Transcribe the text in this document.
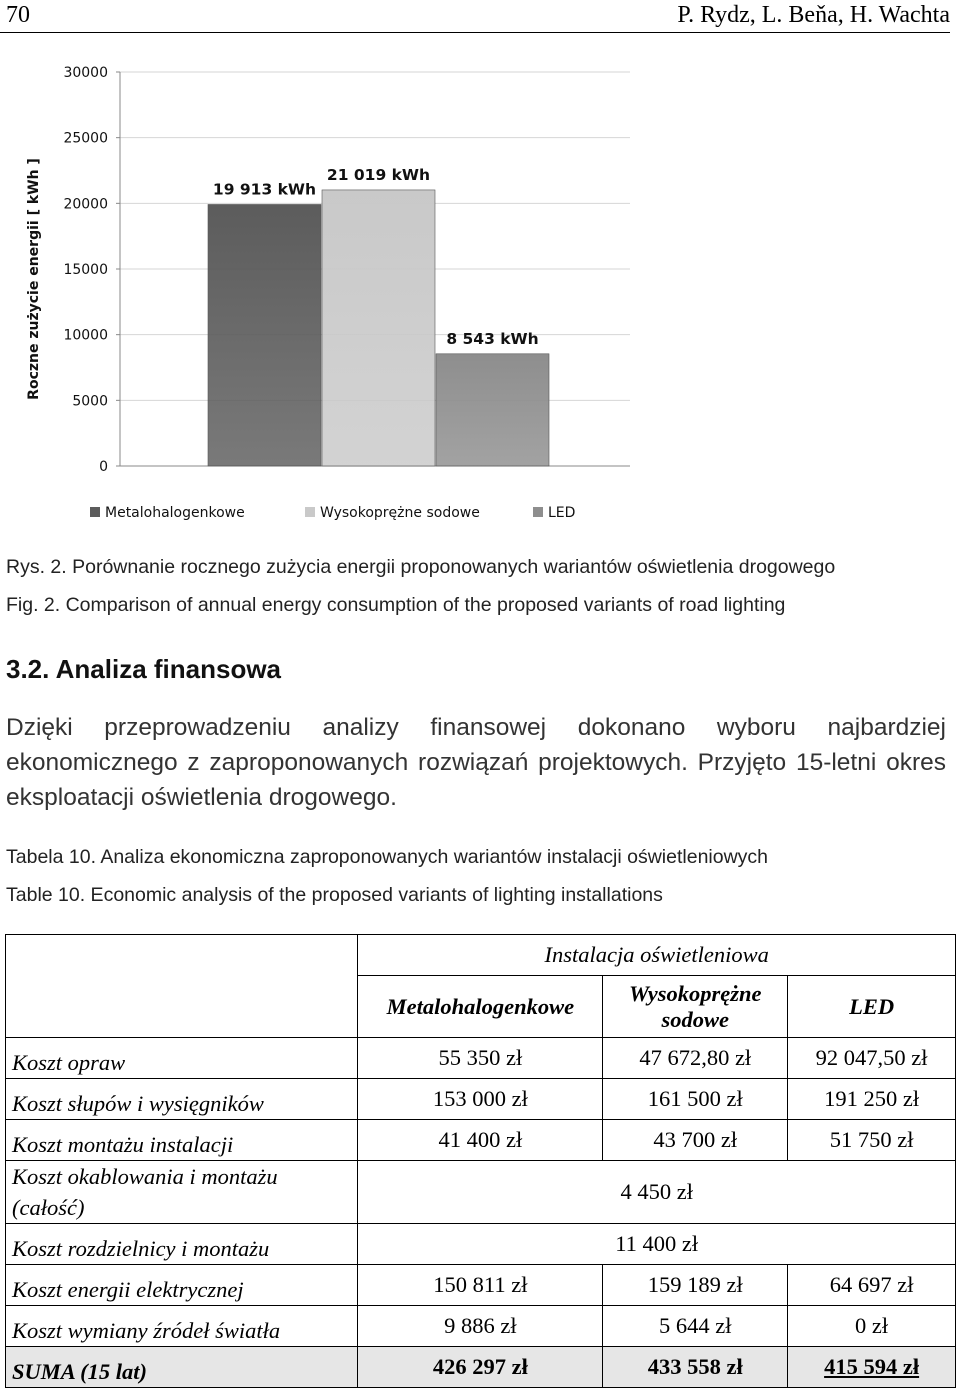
70	P. Rydz, L. Beňa, H. Wachta
0
5000
10000
15000
20000
25000
30000
Roczne zużycie energii [ kWh ]	19 913 kWh
21 019 kWh
8 543 kWh
Metalohalogenkowe	Wysokoprężne sodowe	LED
Rys. 2. Porównanie rocznego zużycia energii proponowanych wariantów oświetlenia drogowego
Fig. 2. Comparison of annual energy consumption of the proposed variants of road lighting
3.2. Analiza finansowa
Dzięki przeprowadzeniu analizy finansowej dokonano wyboru najbardziej ekonomicznego z zaproponowanych rozwiązań projektowych. Przyjęto 15-letni okres eksploatacji oświetlenia drogowego.
Tabela 10. Analiza ekonomiczna zaproponowanych wariantów instalacji oświetleniowych
Table 10. Economic analysis of the proposed variants of lighting installations
	Instalacja oświetleniowa		
	Metalohalogenkowe	Wysokoprężne sodowe	LED
Koszt opraw	55 350 zł	47 672,80 zł	92 047,50 zł
Koszt słupów i wysięgników	153 000 zł	161 500 zł	191 250 zł
Koszt montażu instalacji	41 400 zł	43 700 zł	51 750 zł
Koszt okablowania i montażu (całość)	4 450 zł		
Koszt rozdzielnicy i montażu	11 400 zł		
Koszt energii elektrycznej	150 811 zł	159 189 zł	64 697 zł
Koszt wymiany źródeł światła	9 886 zł	5 644 zł	0 zł
SUMA (15 lat)	426 297 zł	433 558 zł	415 594 zł
